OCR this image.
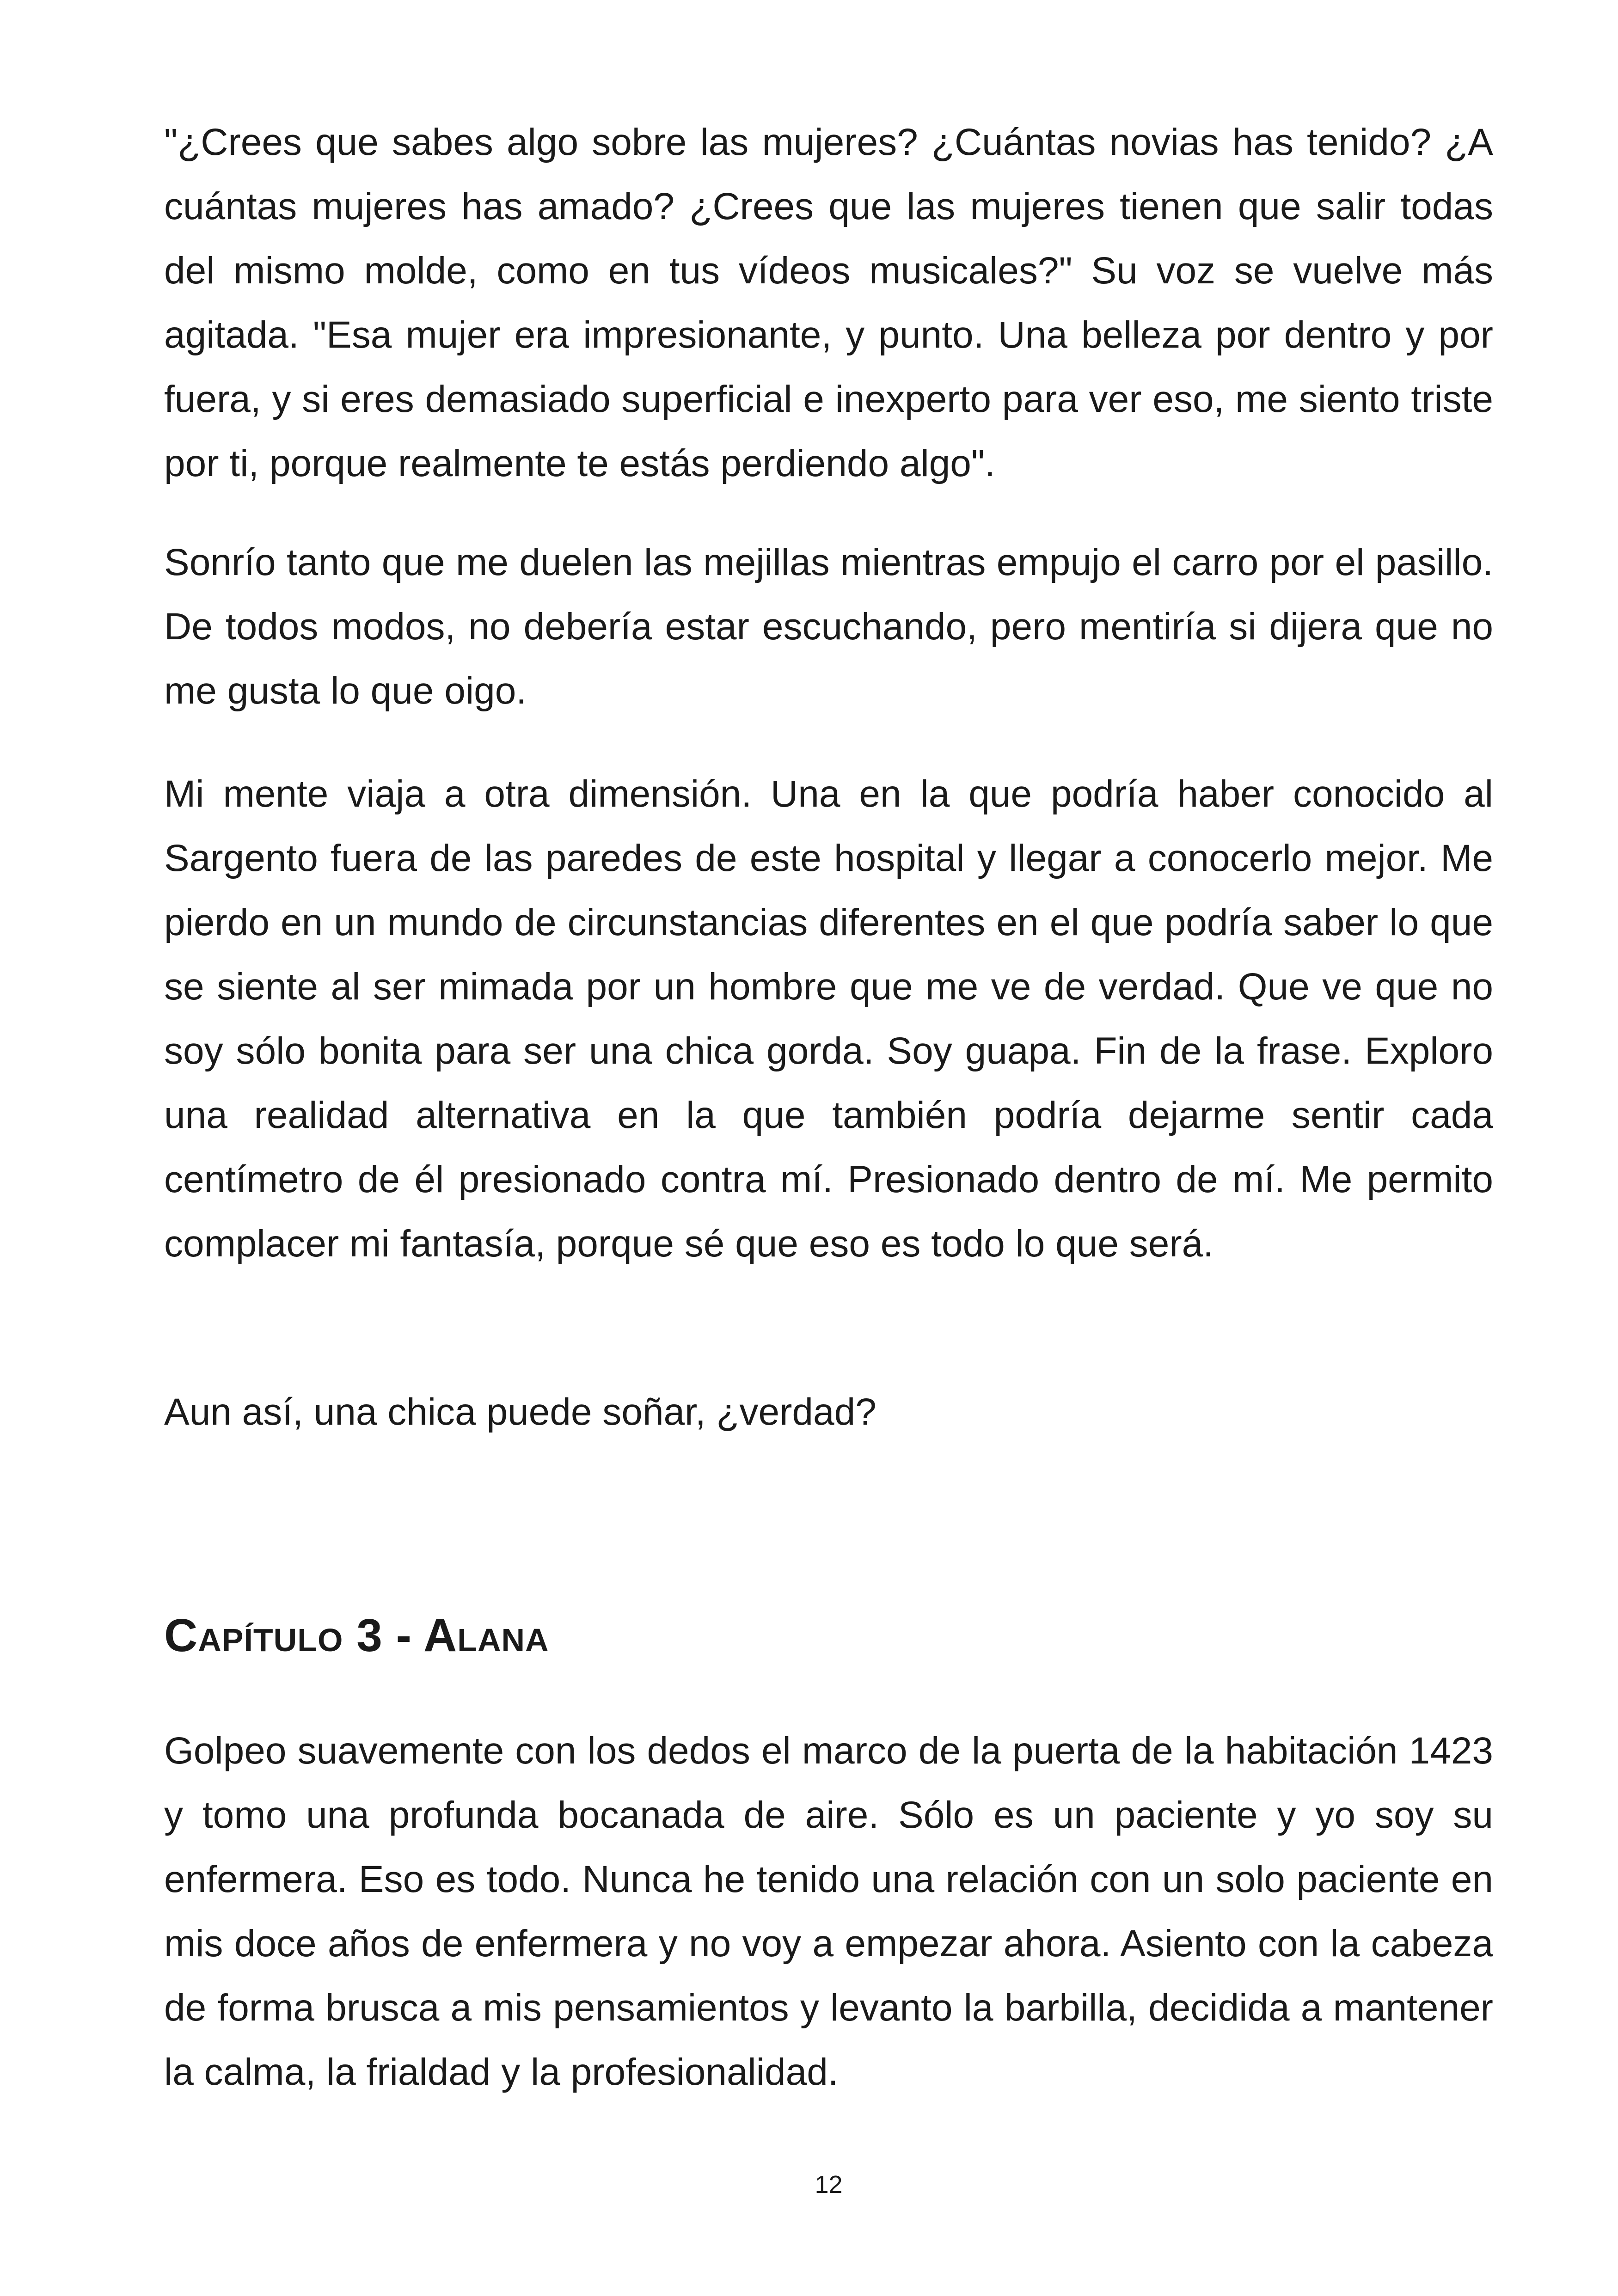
"¿Crees que sabes algo sobre las mujeres? ¿Cuántas novias has tenido? ¿A cuántas mujeres has amado? ¿Crees que las mujeres tienen que salir todas del mismo molde, como en tus vídeos musicales?" Su voz se vuelve más agitada. "Esa mujer era impresionante, y punto. Una belleza por dentro y por fuera, y si eres demasiado superficial e inexperto para ver eso, me siento triste por ti, porque realmente te estás perdiendo algo".

Sonrío tanto que me duelen las mejillas mientras empujo el carro por el pasillo. De todos modos, no debería estar escuchando, pero mentiría si dijera que no me gusta lo que oigo.

Mi mente viaja a otra dimensión. Una en la que podría haber conocido al Sargento fuera de las paredes de este hospital y llegar a conocerlo mejor. Me pierdo en un mundo de circunstancias diferentes en el que podría saber lo que se siente al ser mimada por un hombre que me ve de verdad. Que ve que no soy sólo bonita para ser una chica gorda. Soy guapa. Fin de la frase. Exploro una realidad alternativa en la que también podría dejarme sentir cada centímetro de él presionado contra mí. Presionado dentro de mí. Me permito complacer mi fantasía, porque sé que eso es todo lo que será.

Aun así, una chica puede soñar, ¿verdad?

Capítulo 3 - Alana

Golpeo suavemente con los dedos el marco de la puerta de la habitación 1423 y tomo una profunda bocanada de aire. Sólo es un paciente y yo soy su enfermera. Eso es todo. Nunca he tenido una relación con un solo paciente en mis doce años de enfermera y no voy a empezar ahora. Asiento con la cabeza de forma brusca a mis pensamientos y levanto la barbilla, decidida a mantener la calma, la frialdad y la profesionalidad.

12
